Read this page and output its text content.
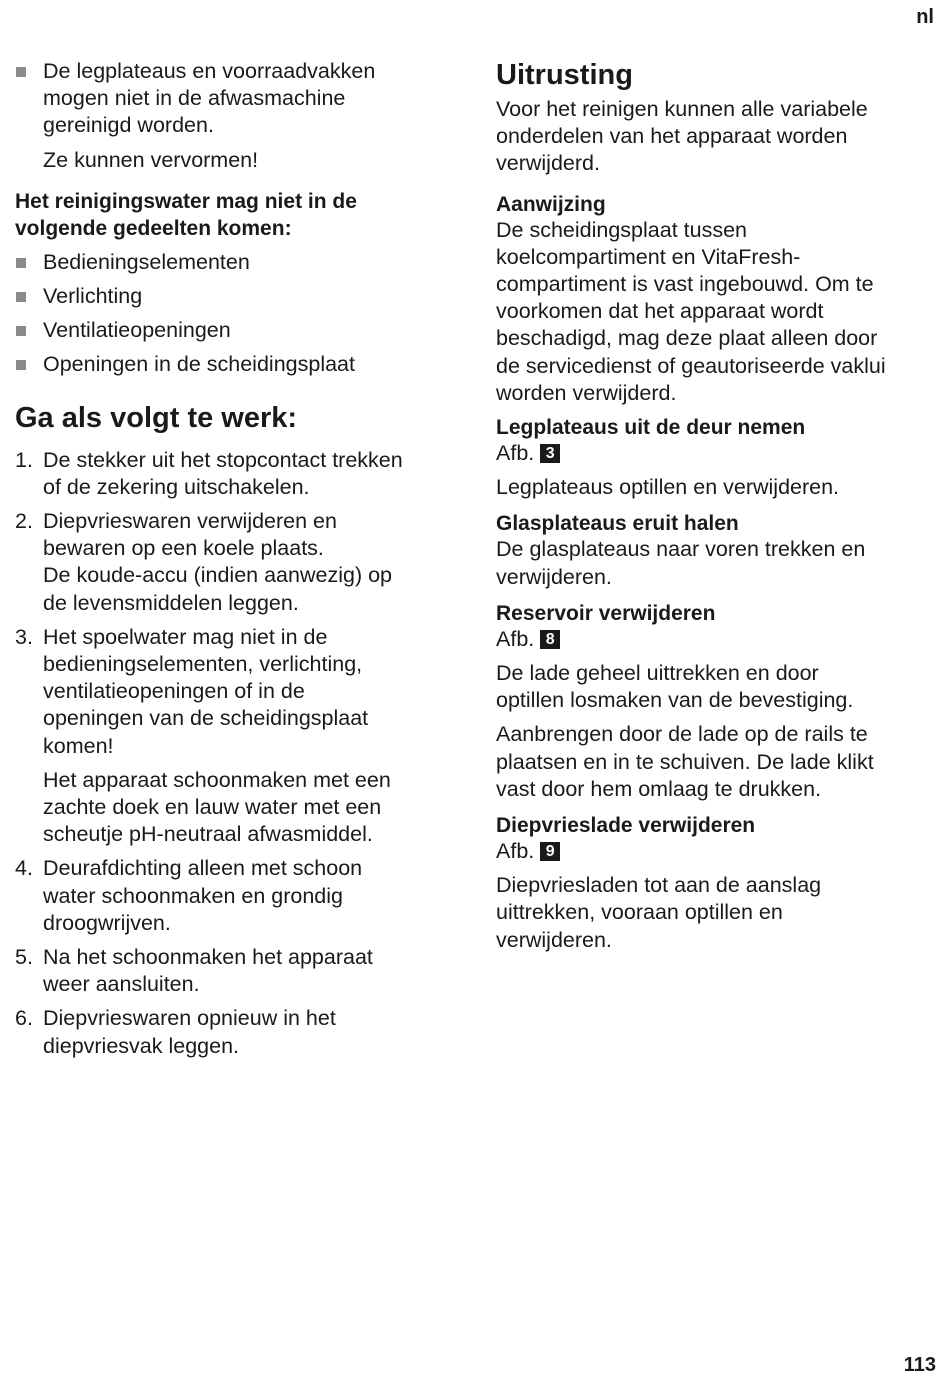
nl
De legplateaus en voorraadvakken
mogen niet in de afwasmachine
gereinigd worden.

Ze kunnen vervormen!

Het reinigingswater mag niet in de
volgende gedeelten komen:

Bedieningselementen
Verlichting
Ventilatieopeningen
Openingen in de scheidingsplaat
Ga als volgt te werk:
1. De stekker uit het stopcontact trekken
of de zekering uitschakelen.
2. Diepvrieswaren verwijderen en
bewaren op een koele plaats.
De koude-accu (indien aanwezig) op
de levensmiddelen leggen.
3. Het spoelwater mag niet in de
bedieningselementen, verlichting,
ventilatieopeningen of in de
openingen van de scheidingsplaat
komen!

Het apparaat schoonmaken met een
zachte doek en lauw water met een
scheutje pH-neutraal afwasmiddel.

4. Deurafdichting alleen met schoon
water schoonmaken en grondig
droogwrijven.
5. Na het schoonmaken het apparaat
weer aansluiten.
6. Diepvrieswaren opnieuw in het
diepvriesvak leggen.
Uitrusting

Voor het reinigen kunnen alle variabele
onderdelen van het apparaat worden
verwijderd.

Aanwijzing

De scheidingsplaat tussen
koelcompartiment en VitaFresh-
compartiment is vast ingebouwd. Om te
voorkomen dat het apparaat wordt
beschadigd, mag deze plaat alleen door
de servicedienst of geautoriseerde vaklui
worden verwijderd.

Legplateaus uit de deur nemen

Afb. 3

Legplateaus optillen en verwijderen.

Glasplateaus eruit halen

De glasplateaus naar voren trekken en
verwijderen.

Reservoir verwijderen

Afb. 8

De lade geheel uittrekken en door
optillen losmaken van de bevestiging.

Aanbrengen door de lade op de rails te
plaatsen en in te schuiven. De lade klikt
vast door hem omlaag te drukken.

Diepvrieslade verwijderen

Afb. 9

Diepvriesladen tot aan de aanslag
uittrekken, vooraan optillen en
verwijderen.

113
